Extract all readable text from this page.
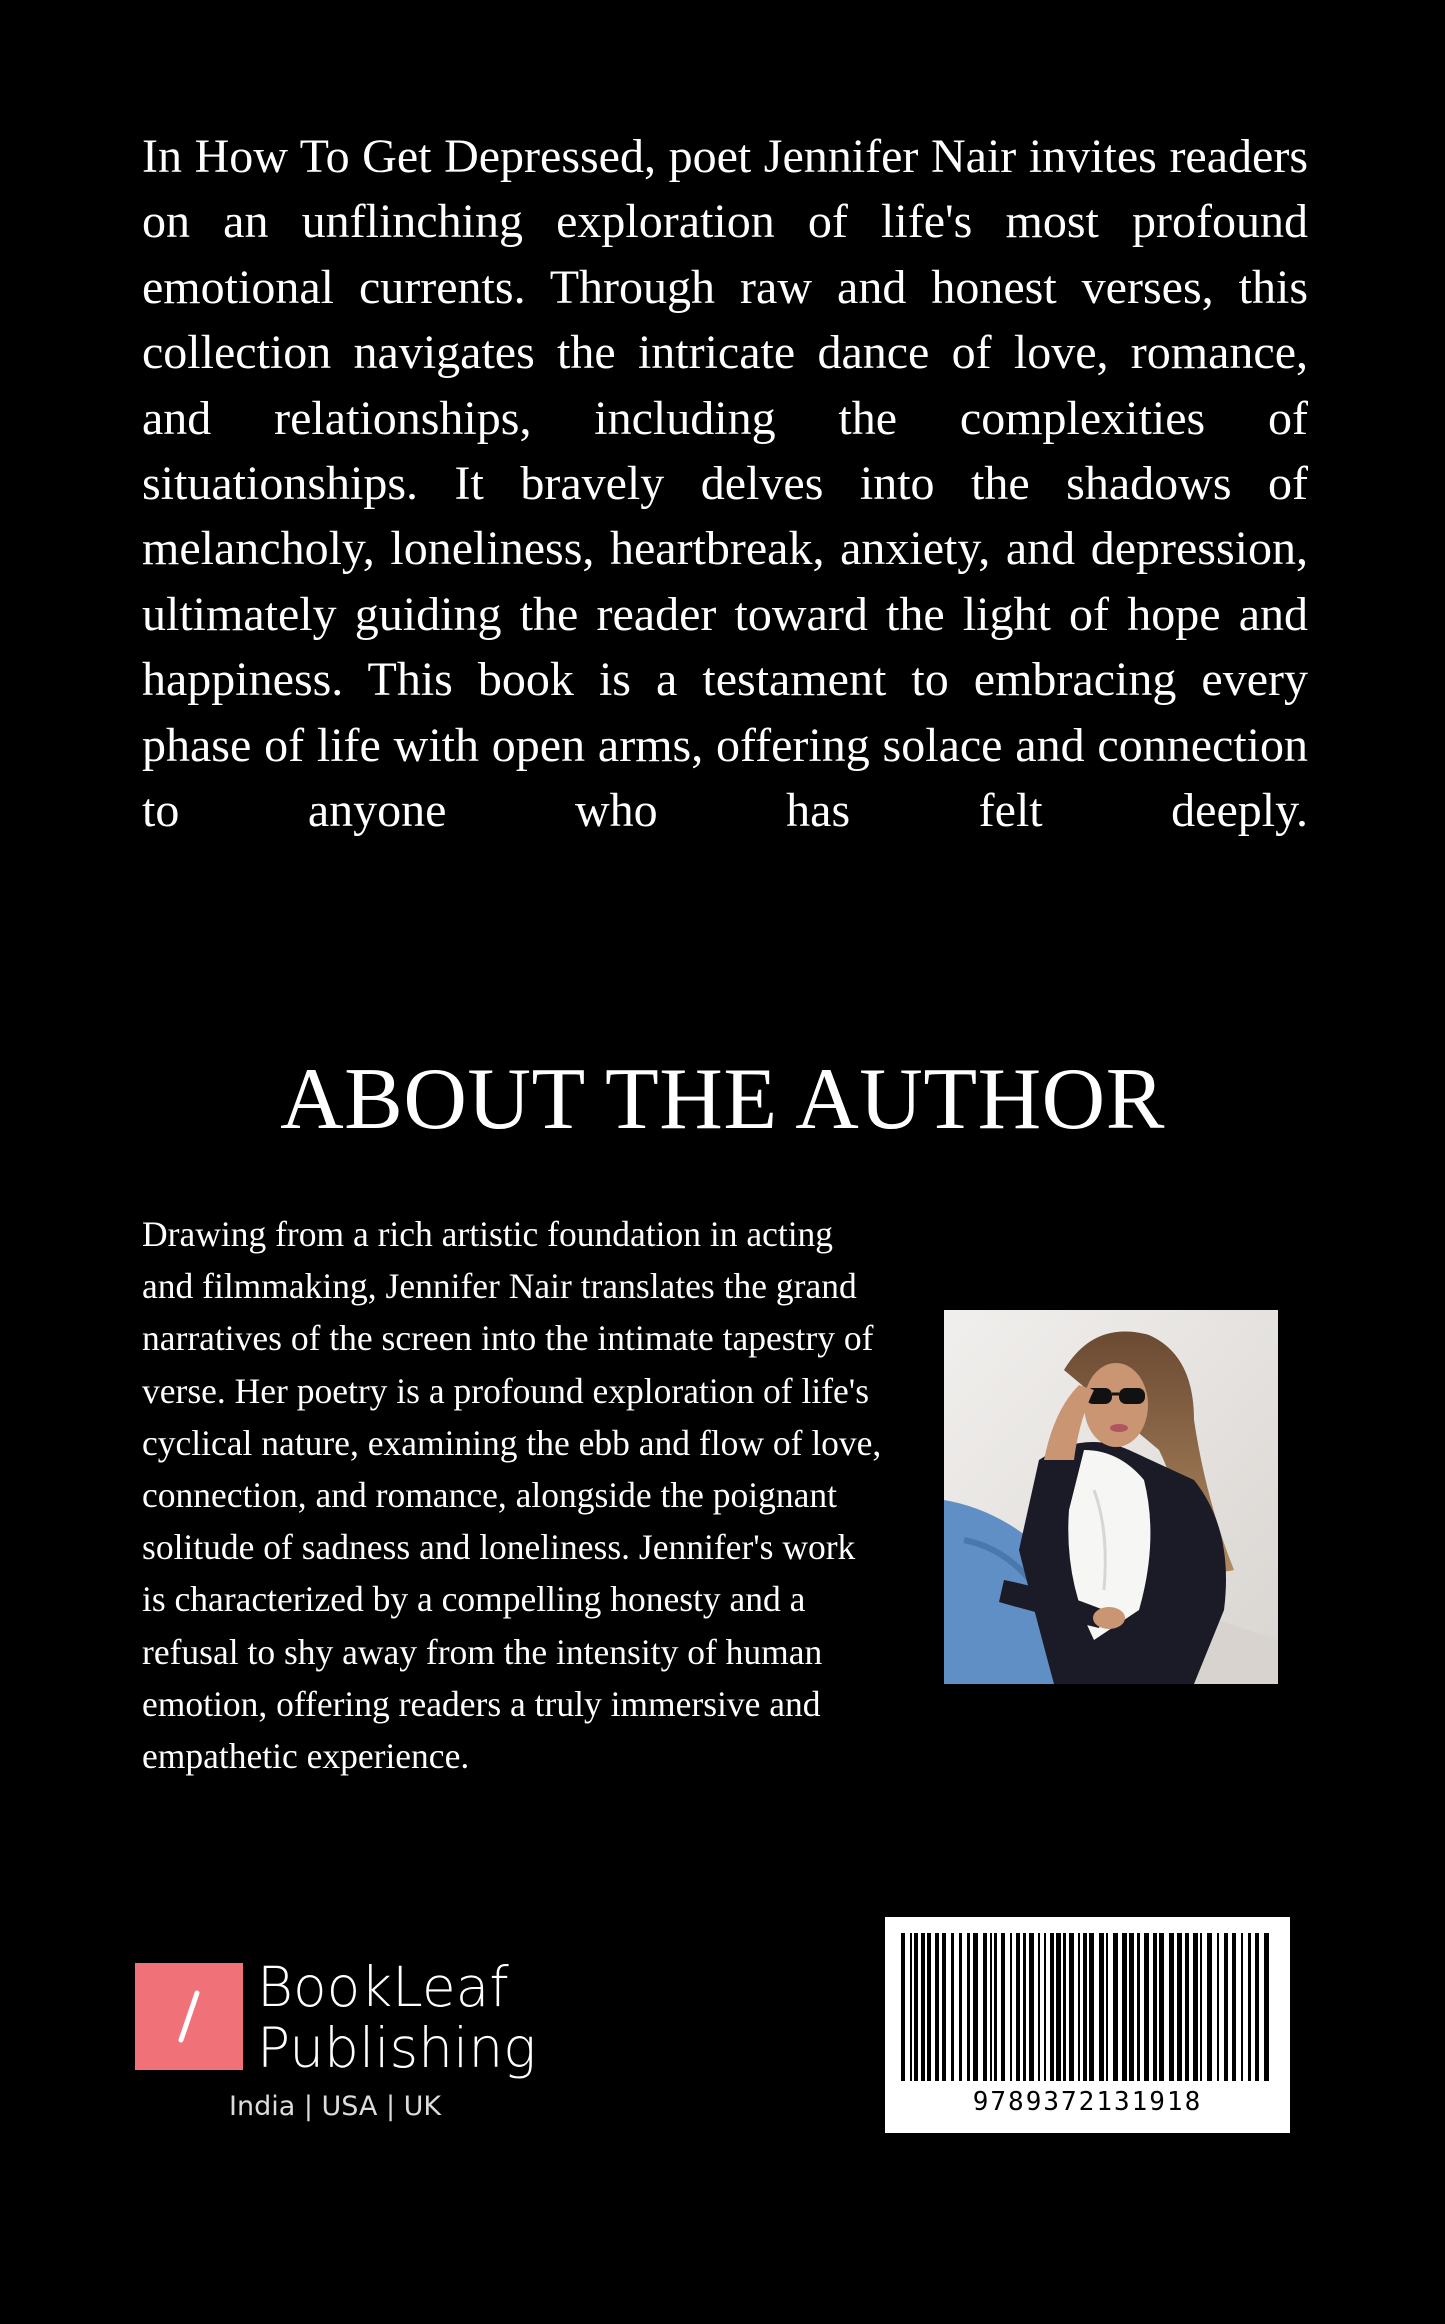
In How To Get Depressed, poet Jennifer Nair invites readers on an unflinching exploration of life's most profound emotional currents. Through raw and honest verses, this collection navigates the intricate dance of love, romance, and relationships, including the complexities of situationships. It bravely delves into the shadows of melancholy, loneliness, heartbreak, anxiety, and depression, ultimately guiding the reader toward the light of hope and happiness. This book is a testament to embracing every phase of life with open arms, offering solace and connection to anyone who has felt deeply.

ABOUT THE AUTHOR

Drawing from a rich artistic foundation in acting and filmmaking, Jennifer Nair translates the grand narratives of the screen into the intimate tapestry of verse. Her poetry is a profound exploration of life's cyclical nature, examining the ebb and flow of love, connection, and romance, alongside the poignant solitude of sadness and loneliness. Jennifer's work is characterized by a compelling honesty and a refusal to shy away from the intensity of human emotion, offering readers a truly immersive and empathetic experience.

BookLeaf
Publishing
India | USA | UK	9789372131918
